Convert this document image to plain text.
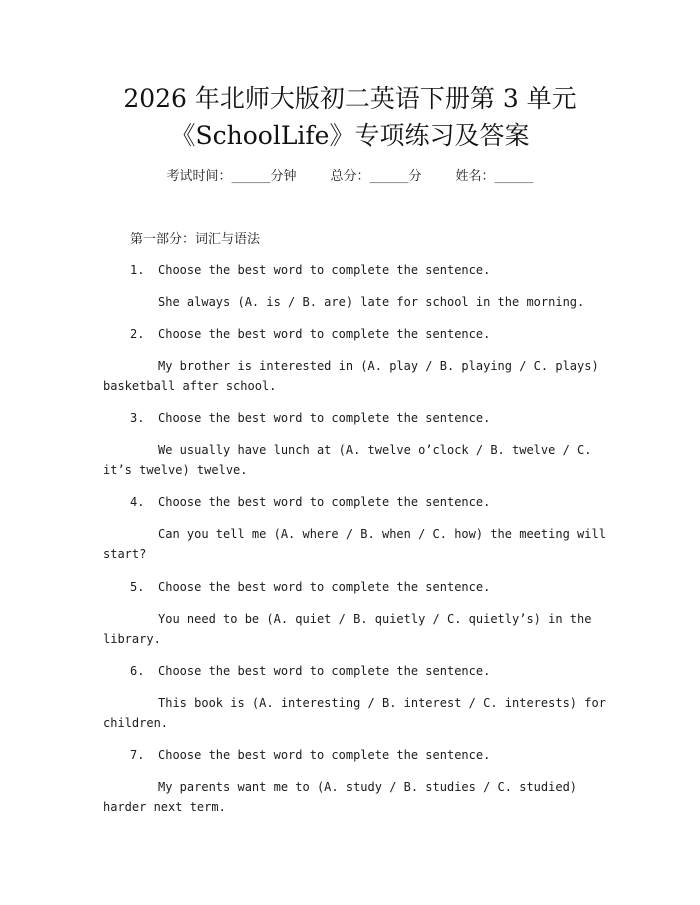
2026 年北师大版初二英语下册第 3 单元
《SchoolLife》专项练习及答案
考试时间：______分钟	总分：______分	姓名：______
第一部分：词汇与语法
1.	Choose the best word to complete the sentence.
She always (A. is / B. are) late for school in the morning.
2.	Choose the best word to complete the sentence.
My brother is interested in (A. play / B. playing / C. plays)
basketball after school.
3.	Choose the best word to complete the sentence.
We usually have lunch at (A. twelve o’clock / B. twelve / C.
it’s twelve) twelve.
4.	Choose the best word to complete the sentence.
Can you tell me (A. where / B. when / C. how) the meeting will
start?
5.	Choose the best word to complete the sentence.
You need to be (A. quiet / B. quietly / C. quietly’s) in the
library.
6.	Choose the best word to complete the sentence.
This book is (A. interesting / B. interest / C. interests) for
children.
7.	Choose the best word to complete the sentence.
My parents want me to (A. study / B. studies / C. studied)
harder next term.
